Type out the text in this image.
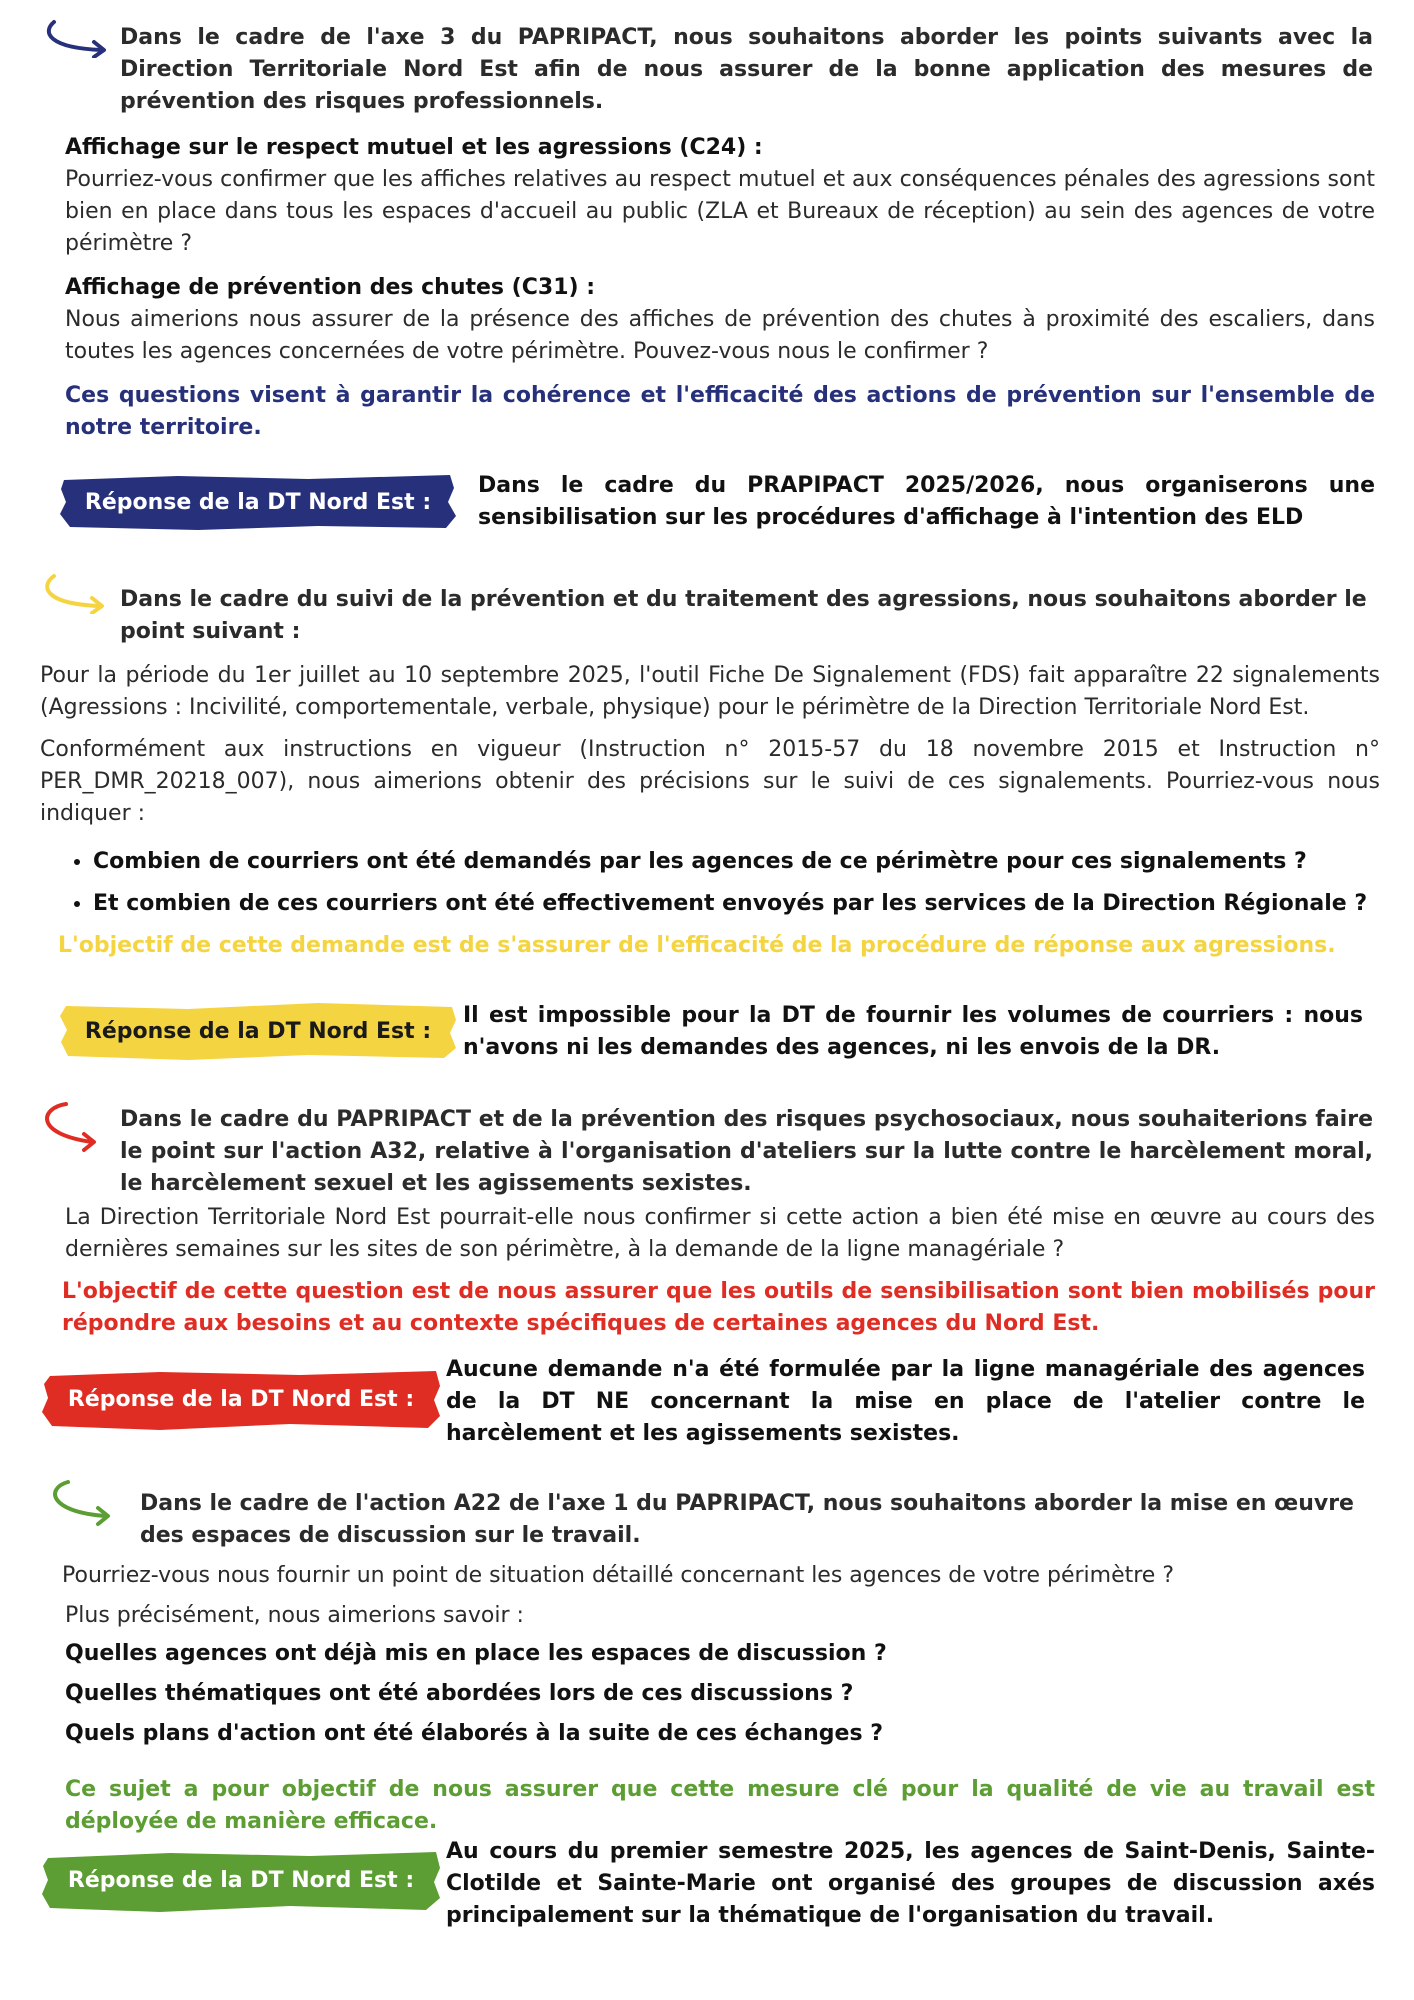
Dans le cadre de l'axe 3 du PAPRIPACT, nous souhaitons aborder les points suivants avec la Direction Territoriale Nord Est afin de nous assurer de la bonne application des mesures de prévention des risques professionnels.
Affichage sur le respect mutuel et les agressions (C24) :
Pourriez-vous confirmer que les affiches relatives au respect mutuel et aux conséquences pénales des agressions sont bien en place dans tous les espaces d'accueil au public (ZLA et Bureaux de réception) au sein des agences de votre périmètre ?
Affichage de prévention des chutes (C31) :
Nous aimerions nous assurer de la présence des affiches de prévention des chutes à proximité des escaliers, dans toutes les agences concernées de votre périmètre. Pouvez-vous nous le confirmer ?
Ces questions visent à garantir la cohérence et l'efficacité des actions de prévention sur l'ensemble de notre territoire.
Réponse de la DT Nord Est :
Dans le cadre du PRAPIPACT 2025/2026, nous organiserons une sensibilisation sur les procédures d'affichage à l'intention des ELD
Dans le cadre du suivi de la prévention et du traitement des agressions, nous souhaitons aborder le point suivant :
Pour la période du 1er juillet au 10 septembre 2025, l'outil Fiche De Signalement (FDS) fait apparaître 22 signalements (Agressions : Incivilité, comportementale, verbale, physique) pour le périmètre de la Direction Territoriale Nord Est.
Conformément aux instructions en vigueur (Instruction n° 2015-57 du 18 novembre 2015 et Instruction n° PER_DMR_20218_007), nous aimerions obtenir des précisions sur le suivi de ces signalements. Pourriez-vous nous indiquer :
• Combien de courriers ont été demandés par les agences de ce périmètre pour ces signalements ?
• Et combien de ces courriers ont été effectivement envoyés par les services de la Direction Régionale ?
L'objectif de cette demande est de s'assurer de l'efficacité de la procédure de réponse aux agressions.
Réponse de la DT Nord Est :
Il est impossible pour la DT de fournir les volumes de courriers : nous n'avons ni les demandes des agences, ni les envois de la DR.
Dans le cadre du PAPRIPACT et de la prévention des risques psychosociaux, nous souhaiterions faire le point sur l'action A32, relative à l'organisation d'ateliers sur la lutte contre le harcèlement moral, le harcèlement sexuel et les agissements sexistes.
La Direction Territoriale Nord Est pourrait-elle nous confirmer si cette action a bien été mise en œuvre au cours des dernières semaines sur les sites de son périmètre, à la demande de la ligne managériale ?
L'objectif de cette question est de nous assurer que les outils de sensibilisation sont bien mobilisés pour répondre aux besoins et au contexte spécifiques de certaines agences du Nord Est.
Réponse de la DT Nord Est :
Aucune demande n'a été formulée par la ligne managériale des agences de la DT NE concernant la mise en place de l'atelier contre le harcèlement et les agissements sexistes.
Dans le cadre de l'action A22 de l'axe 1 du PAPRIPACT, nous souhaitons aborder la mise en œuvre des espaces de discussion sur le travail.
Pourriez-vous nous fournir un point de situation détaillé concernant les agences de votre périmètre ?
Plus précisément, nous aimerions savoir :
Quelles agences ont déjà mis en place les espaces de discussion ?
Quelles thématiques ont été abordées lors de ces discussions ?
Quels plans d'action ont été élaborés à la suite de ces échanges ?
Ce sujet a pour objectif de nous assurer que cette mesure clé pour la qualité de vie au travail est déployée de manière efficace.
Réponse de la DT Nord Est :
Au cours du premier semestre 2025, les agences de Saint-Denis, Sainte-Clotilde et Sainte-Marie ont organisé des groupes de discussion axés principalement sur la thématique de l'organisation du travail.
